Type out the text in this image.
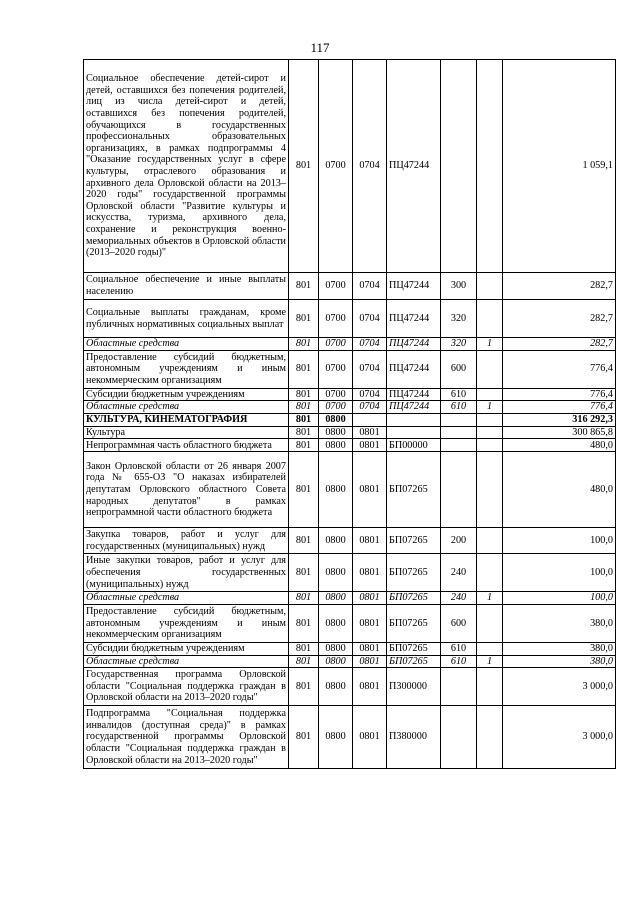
117
Социальное обеспечение детей-сирот и детей, оставшихся без попечения родителей, лиц из числа детей-сирот и детей, оставшихся без попечения родителей, обучающихся в государственных профессиональных образовательных организациях, в рамках подпрограммы 4 "Оказание государственных услуг в сфере культуры, отраслевого образования и архивного дела Орловской области на 2013–2020 годы" государственной программы Орловской области "Развитие культуры и искусства, туризма, архивного дела, сохранение и реконструкция военно-мемориальных объектов в Орловской области (2013–2020 годы)"	801	0700	0704	ПЦ47244			1 059,1
Социальное обеспечение и иные выплаты населению	801	0700	0704	ПЦ47244	300		282,7
Социальные выплаты гражданам, кроме публичных нормативных социальных выплат	801	0700	0704	ПЦ47244	320		282,7
Областные средства	801	0700	0704	ПЦ47244	320	1	282,7
Предоставление субсидий бюджетным, автономным учреждениям и иным некоммерческим организациям	801	0700	0704	ПЦ47244	600		776,4
Субсидии бюджетным учреждениям	801	0700	0704	ПЦ47244	610		776,4
Областные средства	801	0700	0704	ПЦ47244	610	1	776,4
КУЛЬТУРА, КИНЕМАТОГРАФИЯ	801	0800					316 292,3
Культура	801	0800	0801				300 865,8
Непрограммная часть областного бюджета	801	0800	0801	БП00000			480,0
Закон Орловской области от 26 января 2007 года № 655-ОЗ "О наказах избирателей депутатам Орловского областного Совета народных депутатов" в рамках непрограммной части областного бюджета	801	0800	0801	БП07265			480,0
Закупка товаров, работ и услуг для государственных (муниципальных) нужд	801	0800	0801	БП07265	200		100,0
Иные закупки товаров, работ и услуг для обеспечения государственных (муниципальных) нужд	801	0800	0801	БП07265	240		100,0
Областные средства	801	0800	0801	БП07265	240	1	100,0
Предоставление субсидий бюджетным, автономным учреждениям и иным некоммерческим организациям	801	0800	0801	БП07265	600		380,0
Субсидии бюджетным учреждениям	801	0800	0801	БП07265	610		380,0
Областные средства	801	0800	0801	БП07265	610	1	380,0
Государственная программа Орловской области "Социальная поддержка граждан в Орловской области на 2013–2020 годы"	801	0800	0801	П300000			3 000,0
Подпрограмма "Социальная поддержка инвалидов (доступная среда)" в рамках государственной программы Орловской области "Социальная поддержка граждан в Орловской области на 2013–2020 годы"	801	0800	0801	П380000			3 000,0
